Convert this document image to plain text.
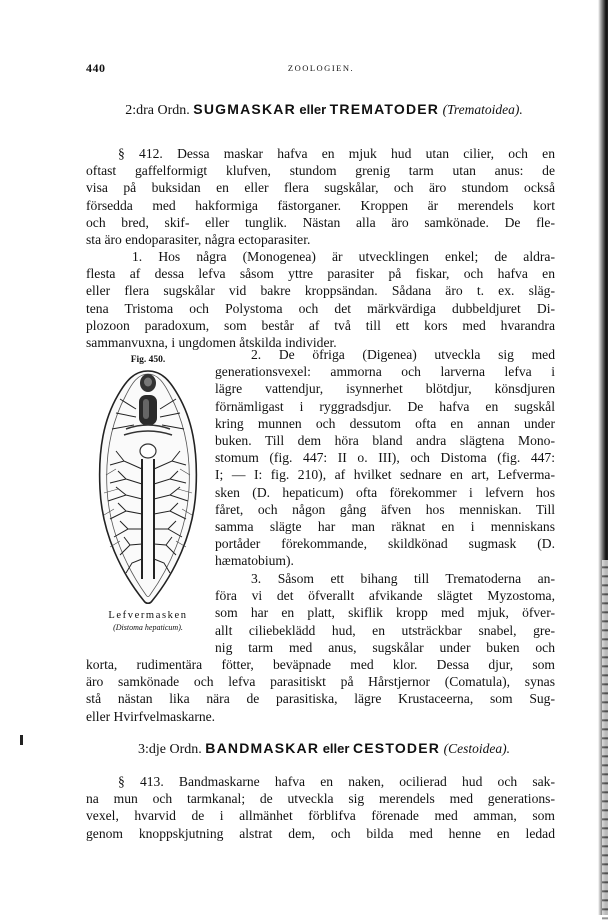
440	ZOOLOGIEN.
2:dra Ordn. SUGMASKAR eller TREMATODER (Trematoidea).
§ 412. Dessa maskar hafva en mjuk hud utan cilier, och en
oftast gaffelformigt klufven, stundom grenig tarm utan anus: de
visa på buksidan en eller flera sugskålar, och äro stundom också
försedda med hakformiga fästorganer. Kroppen är merendels kort
och bred, skif- eller tunglik. Nästan alla äro samkönade. De fle-
sta äro endoparasiter, några ectoparasiter.
1. Hos några (Monogenea) är utvecklingen enkel; de aldra-
flesta af dessa lefva såsom yttre parasiter på fiskar, och hafva en
eller flera sugskålar vid bakre kroppsändan. Sådana äro t. ex. släg-
tena Tristoma och Polystoma och det märkvärdiga dubbeldjuret Di-
plozoon paradoxum, som består af två till ett kors med hvarandra
sammanvuxna, i ungdomen åtskilda individer.
Fig. 450.
Lefvermasken
(Distoma hepaticum).
2. De öfriga (Digenea) utveckla sig med
generationsvexel: ammorna och larverna lefva i
lägre vattendjur, isynnerhet blötdjur, könsdjuren
förnämligast i ryggradsdjur. De hafva en sugskål
kring munnen och dessutom ofta en annan under
buken. Till dem höra bland andra slägtena Mono-
stomum (fig. 447: II o. III), och Distoma (fig. 447:
I; — I: fig. 210), af hvilket sednare en art, Lefverma-
sken (D. hepaticum) ofta förekommer i lefvern hos
fåret, och någon gång äfven hos menniskan. Till
samma slägte har man räknat en i menniskans
portåder förekommande, skildkönad sugmask (D.
hæmatobium).
3. Såsom ett bihang till Trematoderna an-
föra vi det öfverallt afvikande slägtet Myzostoma,
som har en platt, skiflik kropp med mjuk, öfver-
allt ciliebeklädd hud, en utsträckbar snabel, gre-
nig tarm med anus, sugskålar under buken och
korta, rudimentära fötter, beväpnade med klor. Dessa djur, som
äro samkönade och lefva parasitiskt på Hårstjernor (Comatula), synas
stå nästan lika nära de parasitiska, lägre Krustaceerna, som Sug-
eller Hvirfvelmaskarne.
3:dje Ordn. BANDMASKAR eller CESTODER (Cestoidea).
§ 413. Bandmaskarne hafva en naken, ocilierad hud och sak-
na mun och tarmkanal; de utveckla sig merendels med generations-
vexel, hvarvid de i allmänhet förblifva förenade med amman, som
genom knoppskjutning alstrat dem, och bilda med henne en ledad
